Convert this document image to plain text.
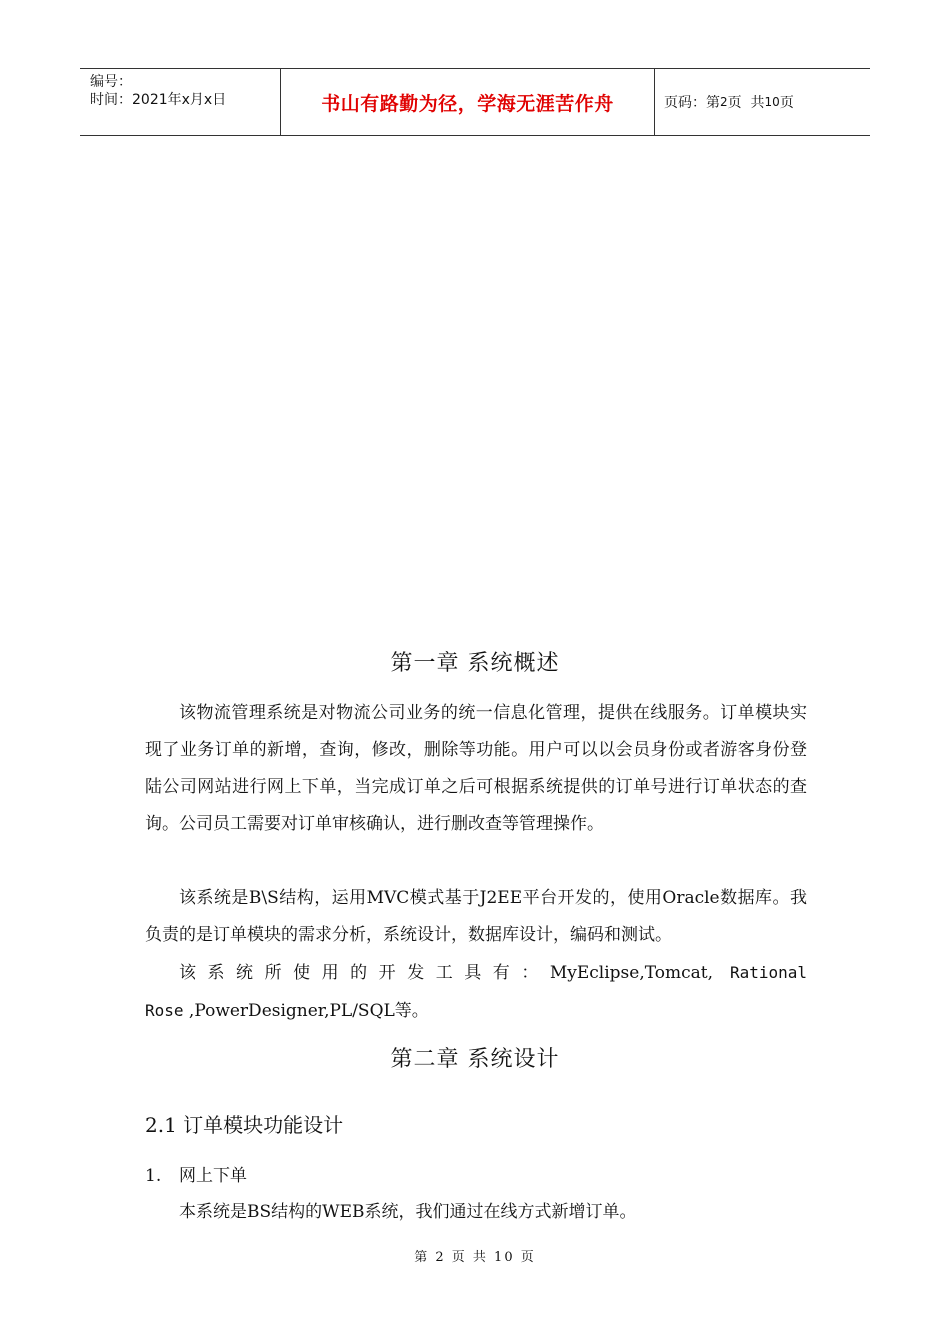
编号：
时间：2021年x月x日	书山有路勤为径，学海无涯苦作舟	页码：第 2 页  共 10 页
第一章 系统概述

该物流管理系统是对物流公司业务的统一信息化管理，提供在线服务。订单模块实现了业务订单的新增，查询，修改，删除等功能。用户可以以会员身份或者游客身份登陆公司网站进行网上下单，当完成订单之后可根据系统提供的订单号进行订单状态的查询。公司员工需要对订单审核确认，进行删改查等管理操作。

该系统是B\S结构，运用MVC模式基于J2EE平台开发的，使用Oracle数据库。我负责的是订单模块的需求分析，系统设计，数据库设计，编码和测试。

该系统所使用的开发工具有：MyEclipse,Tomcat, Rational
Rose ,PowerDesigner,PL/SQL等。
第二章 系统设计
2.1 订单模块功能设计
1. 网上下单
本系统是BS结构的WEB系统，我们通过在线方式新增订单。
第 2 页 共 10 页
